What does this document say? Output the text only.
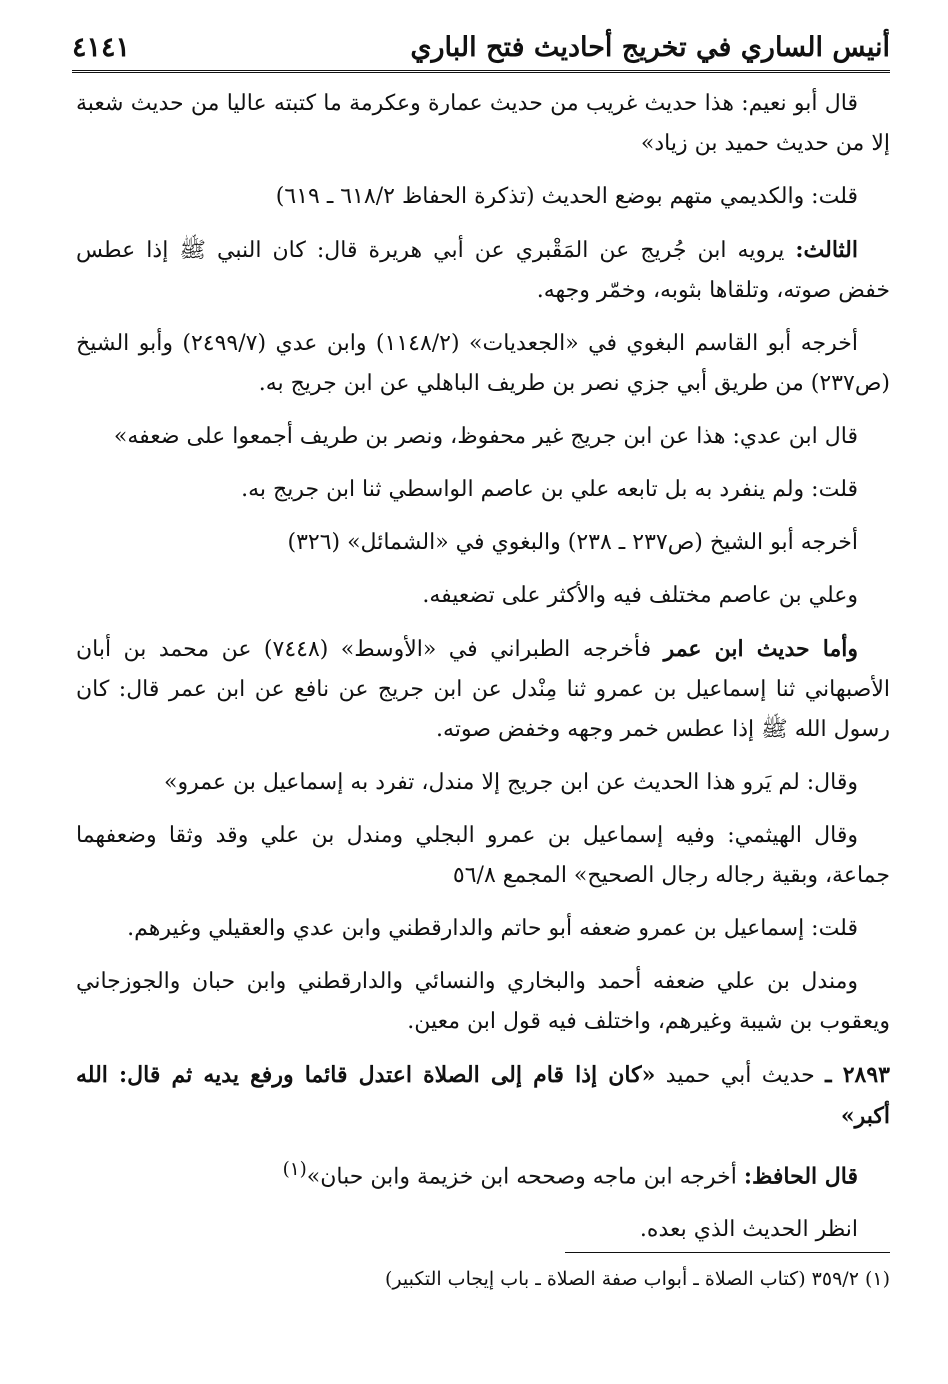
أنيس الساري في تخريج أحاديث فتح الباري
٤١٤١

قال أبو نعيم: هذا حديث غريب من حديث عمارة وعكرمة ما كتبته عاليا من حديث شعبة إلا من حديث حميد بن زياد»

قلت: والكديمي متهم بوضع الحديث (تذكرة الحفاظ ٦١٨/٢ ـ ٦١٩)

الثالث: يرويه ابن جُريج عن المَقْبري عن أبي هريرة قال: كان النبي ﷺ إذا عطس خفض صوته، وتلقاها بثوبه، وخمّر وجهه.

أخرجه أبو القاسم البغوي في «الجعديات» (١١٤٨/٢) وابن عدي (٢٤٩٩/٧) وأبو الشيخ (ص٢٣٧) من طريق أبي جزي نصر بن طريف الباهلي عن ابن جريج به.

قال ابن عدي: هذا عن ابن جريج غير محفوظ، ونصر بن طريف أجمعوا على ضعفه»

قلت: ولم ينفرد به بل تابعه علي بن عاصم الواسطي ثنا ابن جريج به.

أخرجه أبو الشيخ (ص٢٣٧ ـ ٢٣٨) والبغوي في «الشمائل» (٣٢٦)

وعلي بن عاصم مختلف فيه والأكثر على تضعيفه.

وأما حديث ابن عمر فأخرجه الطبراني في «الأوسط» (٧٤٤٨) عن محمد بن أبان الأصبهاني ثنا إسماعيل بن عمرو ثنا مِنْدل عن ابن جريج عن نافع عن ابن عمر قال: كان رسول الله ﷺ إذا عطس خمر وجهه وخفض صوته.

وقال: لم يَرو هذا الحديث عن ابن جريج إلا مندل، تفرد به إسماعيل بن عمرو»

وقال الهيثمي: وفيه إسماعيل بن عمرو البجلي ومندل بن علي وقد وثقا وضعفهما جماعة، وبقية رجاله رجال الصحيح» المجمع ٥٦/٨

قلت: إسماعيل بن عمرو ضعفه أبو حاتم والدارقطني وابن عدي والعقيلي وغيرهم.

ومندل بن علي ضعفه أحمد والبخاري والنسائي والدارقطني وابن حبان والجوزجاني ويعقوب بن شيبة وغيرهم، واختلف فيه قول ابن معين.

٢٨٩٣ ـ حديث أبي حميد «كان إذا قام إلى الصلاة اعتدل قائما ورفع يديه ثم قال: الله أكبر»

قال الحافظ: أخرجه ابن ماجه وصححه ابن خزيمة وابن حبان»$^{(١)}$

انظر الحديث الذي بعده.

(١) ٣٥٩/٢ (كتاب الصلاة ـ أبواب صفة الصلاة ـ باب إيجاب التكبير)
